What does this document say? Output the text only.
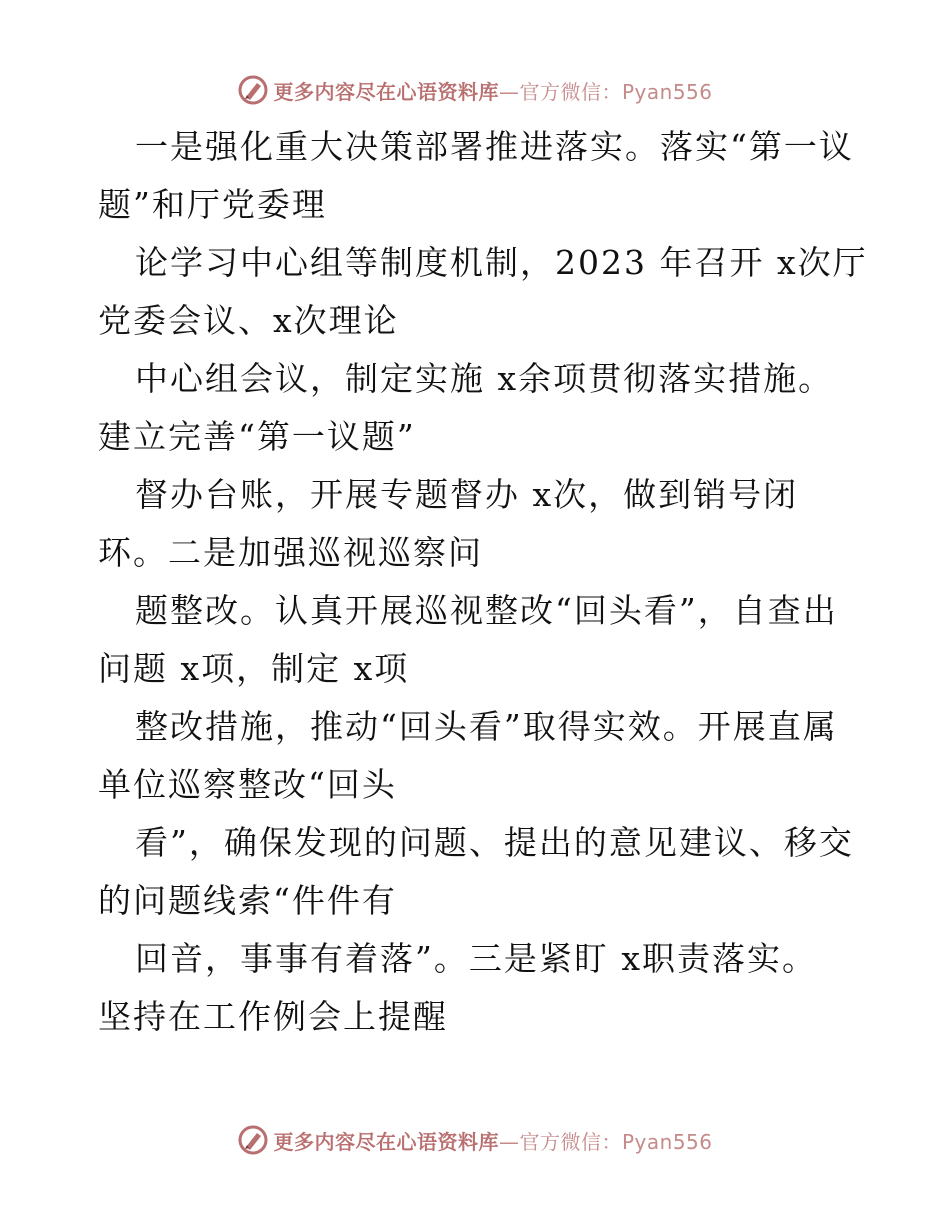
更多内容尽在心语资料库—官方微信：Pyan556
一是强化重大决策部署推进落实。落实“第一议
题”和厅党委理
论学习中心组等制度机制，2023 年召开 x次厅
党委会议、x次理论
中心组会议，制定实施 x余项贯彻落实措施。
建立完善“第一议题”
督办台账，开展专题督办 x次，做到销号闭
环。二是加强巡视巡察问
题整改。认真开展巡视整改“回头看”，自查出
问题 x项，制定 x项
整改措施，推动“回头看”取得实效。开展直属
单位巡察整改“回头
看”，确保发现的问题、提出的意见建议、移交
的问题线索“件件有
回音，事事有着落”。三是紧盯 x职责落实。
坚持在工作例会上提醒
更多内容尽在心语资料库—官方微信：Pyan556
